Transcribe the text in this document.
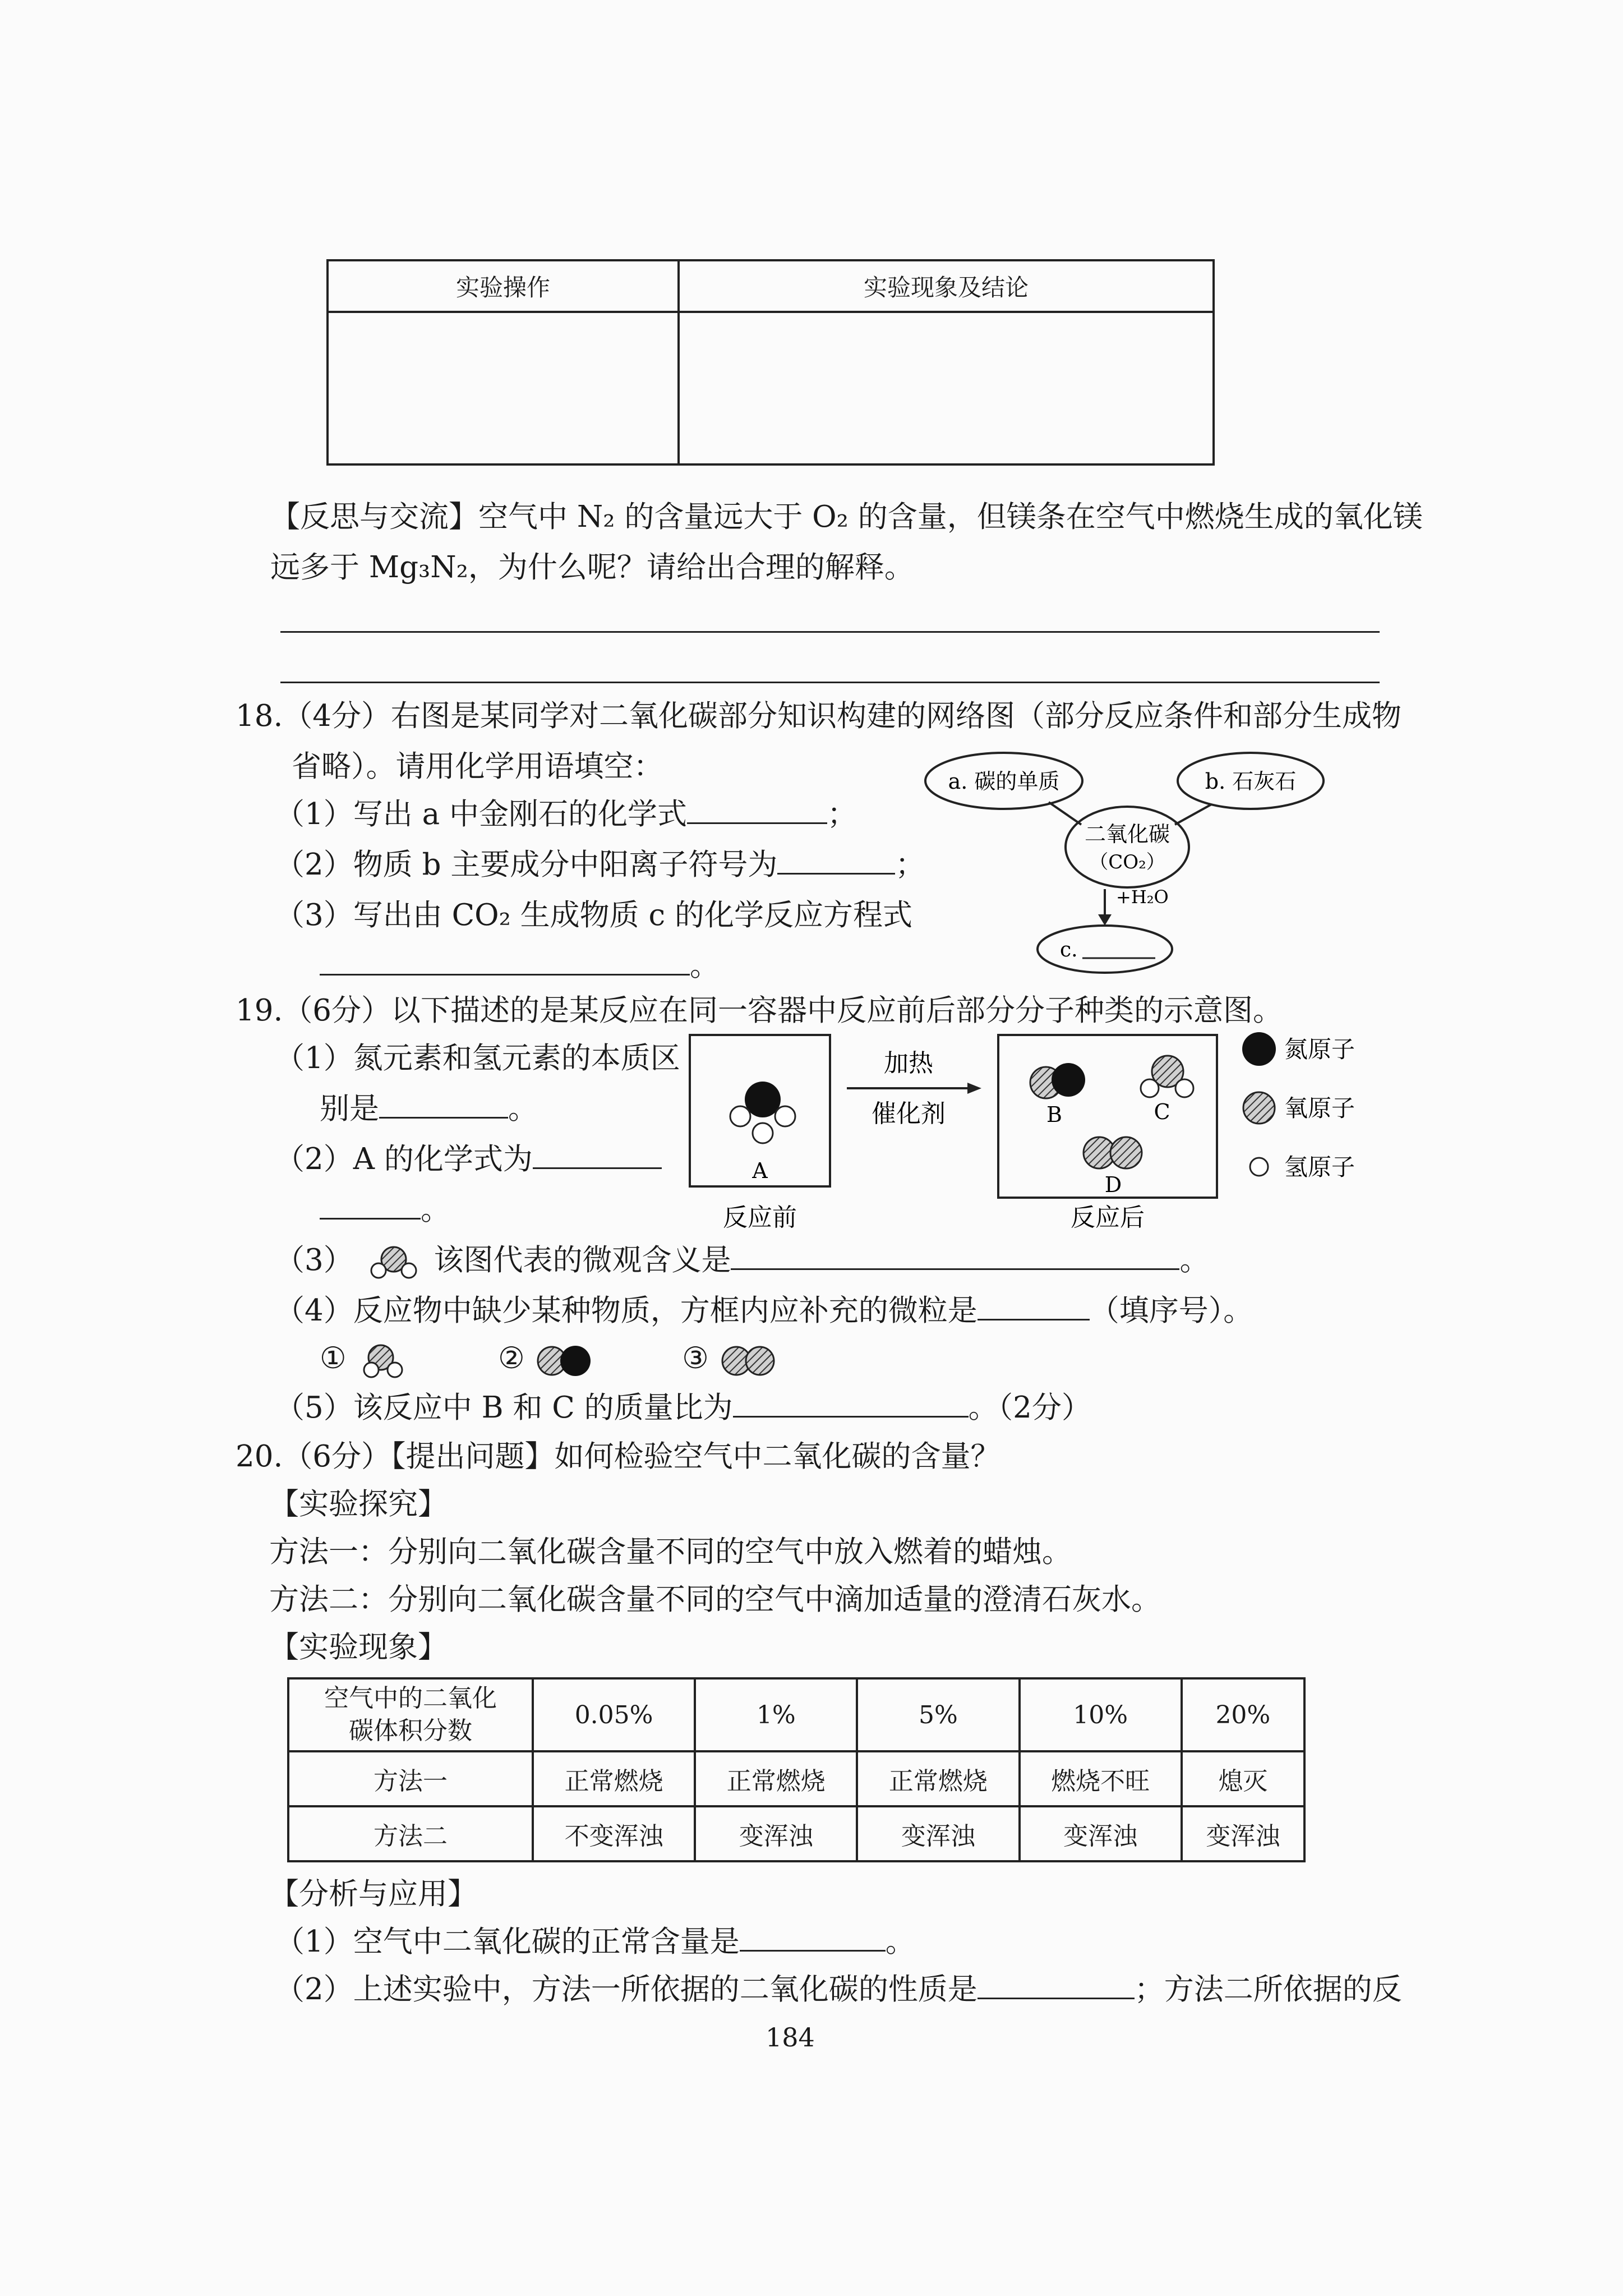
实验操作	实验现象及结论

【反思与交流】空气中 N₂ 的含量远大于 O₂ 的含量，但镁条在空气中燃烧生成的氧化镁
远多于 Mg₃N₂，为什么呢？请给出合理的解释。
18.（4分）右图是某同学对二氧化碳部分知识构建的网络图（部分反应条件和部分生成物
省略）。请用化学用语填空：
（1）写出 a 中金刚石的化学式	；
（2）物质 b 主要成分中阳离子符号为	；
（3）写出由 CO₂ 生成物质 c 的化学反应方程式
。
a. 碳的单质	b. 石灰石
二氧化碳
（CO₂）
+H₂O
c.
19.（6分）以下描述的是某反应在同一容器中反应前后部分分子种类的示意图。
（1）氮元素和氢元素的本质区
别是	。
（2）A 的化学式为
。
A
反应前
加热
催化剂	B	C
D
反应后
氮原子
氧原子
氢原子
（3）	该图代表的微观含义是	。
（4）反应物中缺少某种物质，方框内应补充的微粒是	（填序号）。
①	②	③
（5）该反应中 B 和 C 的质量比为	。（2分）
20.（6分）【提出问题】如何检验空气中二氧化碳的含量？
【实验探究】
方法一：分别向二氧化碳含量不同的空气中放入燃着的蜡烛。
方法二：分别向二氧化碳含量不同的空气中滴加适量的澄清石灰水。
【实验现象】
空气中的二氧化
碳体积分数	0.05%	1%	5%	10%	20%
方法一	正常燃烧	正常燃烧	正常燃烧	燃烧不旺	熄灭
方法二	不变浑浊	变浑浊	变浑浊	变浑浊	变浑浊
【分析与应用】
（1）空气中二氧化碳的正常含量是	。
（2）上述实验中，方法一所依据的二氧化碳的性质是	；方法二所依据的反
184
